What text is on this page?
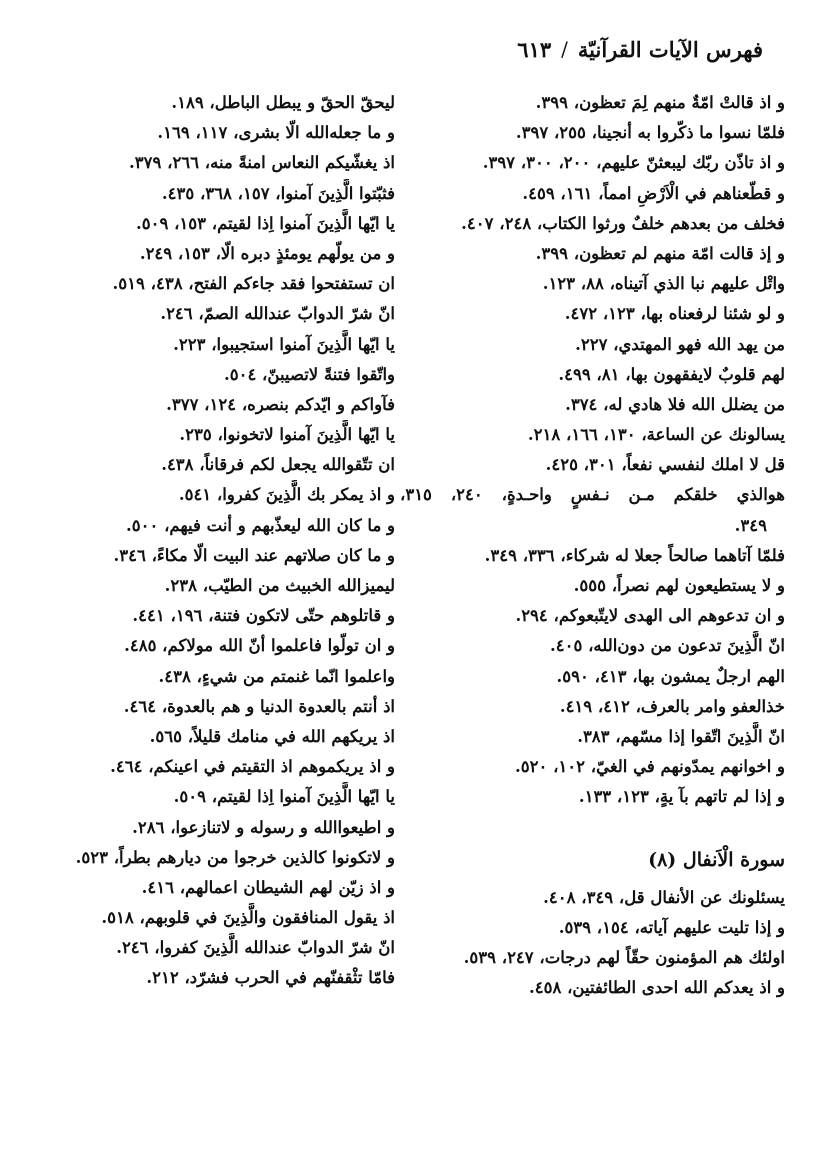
فهرس الآيات القرآنيّة
/
٦١٣
و اذ قالتْ امّةٌ منهم لِمَ تعظون، ٣٩٩.
فلمّا نسوا ما ذكّروا به أنجينا، ٢٥٥، ٣٩٧.
و اذ تاذّن ربّك ليبعثنّ عليهم، ٢٠٠، ٣٠٠، ٣٩٧.
و قطّعناهم في الْاَرْضِ امماً، ١٦١، ٤٥٩.
فخلف من بعدهم خلفٌ ورثوا الكتاب، ٢٤٨، ٤٠٧.
و إذ قالت امّة منهم لم تعظون، ٣٩٩.
واتْل عليهم نبا الذي آتيناه، ٨٨، ١٢٣.
و لو شئنا لرفعناه بها، ١٢٣، ٤٧٢.
من يهد الله فهو المهتدي، ٢٢٧.
لهم قلوبٌ لايفقهون بها، ٨١، ٤٩٩.
من يضلل الله فلا هادي له، ٣٧٤.
يسالونك عن الساعة، ١٣٠، ١٦٦، ٢١٨.
قل لا املك لنفسي نفعاً، ٣٠١، ٤٢٥.
هوالذي خلقكم مـن نـفسٍ واحـدةٍ، ٢٤٠، ٣١٥،
٣٤٩.
فلمّا آتاهما صالحاً جعلا له شركاء، ٣٣٦، ٣٤٩.
و لا يستطيعون لهم نصراً، ٥٥٥.
و ان تدعوهم الى الهدى لايتّبعوكم، ٢٩٤.
انّ الَّذِينَ تدعون من دون‌الله، ٤٠٥.
الهم ارجلٌ يمشون بها، ٤١٣، ٥٩٠.
خذالعفو وامر بالعرف، ٤١٢، ٤١٩.
انّ الَّذِينَ اتّقوا إذا مسّهم، ٣٨٣.
و اخوانهم يمدّونهم في الغيّ، ١٠٢، ٥٢٠.
و إذا لم تاتهم بآ يةٍ، ١٢٣، ١٣٣.
سورة الْاَنفال (٨)
يسئلونك عن الأنفال قل، ٣٤٩، ٤٠٨.
و إذا تليت عليهم آياته، ١٥٤، ٥٣٩.
اولئك هم المؤمنون حقّاً لهم درجات، ٢٤٧، ٥٣٩.
و اذ يعدكم الله احدى الطائفتين، ٤٥٨.
ليحقّ الحقّ و يبطل الباطل، ١٨٩.
و ما جعله‌الله الّا بشرى، ١١٧، ١٦٩.
اذ يغشّيكم النعاس امنةً منه، ٢٦٦، ٣٧٩.
فثبّتوا الَّذِينَ آمنوا، ١٥٧، ٣٦٨، ٤٣٥.
يا ايّها الَّذِينَ آمنوا اِذا لقيتم، ١٥٣، ٥٠٩.
و من يولّهم يومئذٍ دبره الّا، ١٥٣، ٢٤٩.
ان تستفتحوا فقد جاءكم الفتح، ٤٣٨، ٥١٩.
انّ شرّ الدوابّ عندالله الصمّ، ٢٤٦.
يا ايّها الَّذِينَ آمنوا استجيبوا، ٢٢٣.
واتّقوا فتنةً لاتصيبنّ، ٥٠٤.
فآواكم و ايّدكم بنصره، ١٢٤، ٣٧٧.
يا ايّها الَّذِينَ آمنوا لاتخونوا، ٢٣٥.
ان تتّقوالله يجعل لكم فرقاناً، ٤٣٨.
و اذ يمكر بك الَّذِينَ كفروا، ٥٤١.
و ما كان الله ليعذّبهم و أنت فيهم، ٥٠٠.
و ما كان صلاتهم عند البيت الّا مكاءً، ٣٤٦.
ليميزالله الخبيث من الطيّب، ٢٣٨.
و قاتلوهم حتّى لاتكون فتنة، ١٩٦، ٤٤١.
و ان تولّوا فاعلموا أنّ الله مولاكم، ٤٨٥.
واعلموا انّما غنمتم من شيءٍ، ٤٣٨.
اذ أنتم بالعدوة الدنيا و هم بالعدوة، ٤٦٤.
اذ يريكهم الله في منامك قليلاً، ٥٦٥.
و اذ يريكموهم اذ التقيتم في اعينكم، ٤٦٤.
يا ايّها الَّذِينَ آمنوا اِذا لقيتم، ٥٠٩.
و اطيعواالله و رسوله و لاتنازعوا، ٢٨٦.
و لاتكونوا كالذين خرجوا من ديارهم بطراً، ٥٢٣.
و اذ زيّن لهم الشيطان اعمالهم، ٤١٦.
اذ يقول المنافقون والَّذِينَ في قلوبهم، ٥١٨.
انّ شرّ الدوابّ عندالله الَّذِينَ كفروا، ٢٤٦.
فامّا تثْقفنّهم في الحرب فشرّد، ٢١٢.
